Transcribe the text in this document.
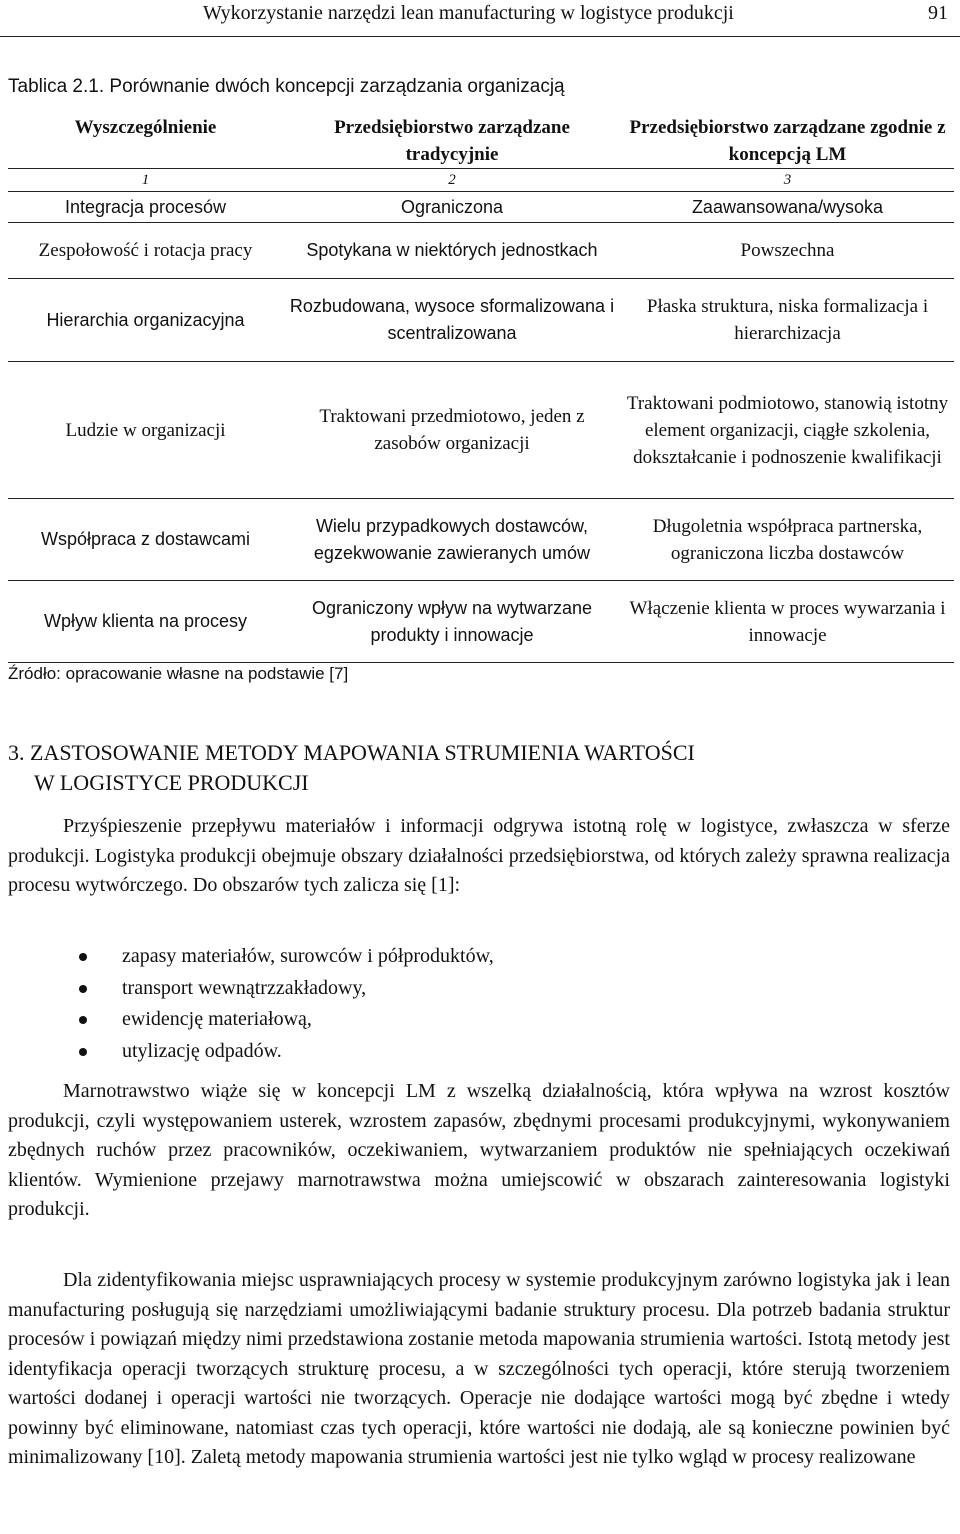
Wykorzystanie narzędzi lean manufacturing w logistyce produkcji	91
Tablica 2.1. Porównanie dwóch koncepcji zarządzania organizacją
Wyszczególnienie	Przedsiębiorstwo zarządzane tradycyjnie	Przedsiębiorstwo zarządzane zgodnie z koncepcją LM
1	2	3
Integracja procesów	Ograniczona	Zaawansowana/wysoka
Zespołowość i rotacja pracy	Spotykana w niektórych jednostkach	Powszechna
Hierarchia organizacyjna	Rozbudowana, wysoce sformalizowana i scentralizowana	Płaska struktura, niska formalizacja i hierarchizacja
Ludzie w organizacji	Traktowani przedmiotowo, jeden z zasobów organizacji	Traktowani podmiotowo, stanowią istotny element organizacji, ciągłe szkolenia, dokształcanie i podnoszenie kwalifikacji
Współpraca z dostawcami	Wielu przypadkowych dostawców, egzekwowanie zawieranych umów	Długoletnia współpraca partnerska, ograniczona liczba dostawców
Wpływ klienta na procesy	Ograniczony wpływ na wytwarzane produkty i innowacje	Włączenie klienta w proces wywarzania i innowacje
Źródło: opracowanie własne na podstawie [7]
3. ZASTOSOWANIE METODY MAPOWANIA STRUMIENIA WARTOŚCI
W LOGISTYCE PRODUKCJI

Przyśpieszenie przepływu materiałów i informacji odgrywa istotną rolę w logistyce, zwłaszcza w sferze produkcji. Logistyka produkcji obejmuje obszary działalności przedsiębiorstwa, od których zależy sprawna realizacja procesu wytwórczego. Do obszarów tych zalicza się [1]:

zapasy materiałów, surowców i półproduktów,
transport wewnątrzzakładowy,
ewidencję materiałową,
utylizację odpadów.

Marnotrawstwo wiąże się w koncepcji LM z wszelką działalnością, która wpływa na wzrost kosztów produkcji, czyli występowaniem usterek, wzrostem zapasów, zbędnymi procesami produkcyjnymi, wykonywaniem zbędnych ruchów przez pracowników, oczekiwaniem, wytwarzaniem produktów nie spełniających oczekiwań klientów. Wymienione przejawy marnotrawstwa można umiejscowić w obszarach zainteresowania logistyki produkcji.

Dla zidentyfikowania miejsc usprawniających procesy w systemie produkcyjnym zarówno logistyka jak i lean manufacturing posługują się narzędziami umożliwiającymi badanie struktury procesu. Dla potrzeb badania struktur procesów i powiązań między nimi przedstawiona zostanie metoda mapowania strumienia wartości. Istotą metody jest identyfikacja operacji tworzących strukturę procesu, a w szczególności tych operacji, które sterują tworzeniem wartości dodanej i operacji wartości nie tworzących. Operacje nie dodające wartości mogą być zbędne i wtedy powinny być eliminowane, natomiast czas tych operacji, które wartości nie dodają, ale są konieczne powinien być minimalizowany [10]. Zaletą metody mapowania strumienia wartości jest nie tylko wgląd w procesy realizowane
